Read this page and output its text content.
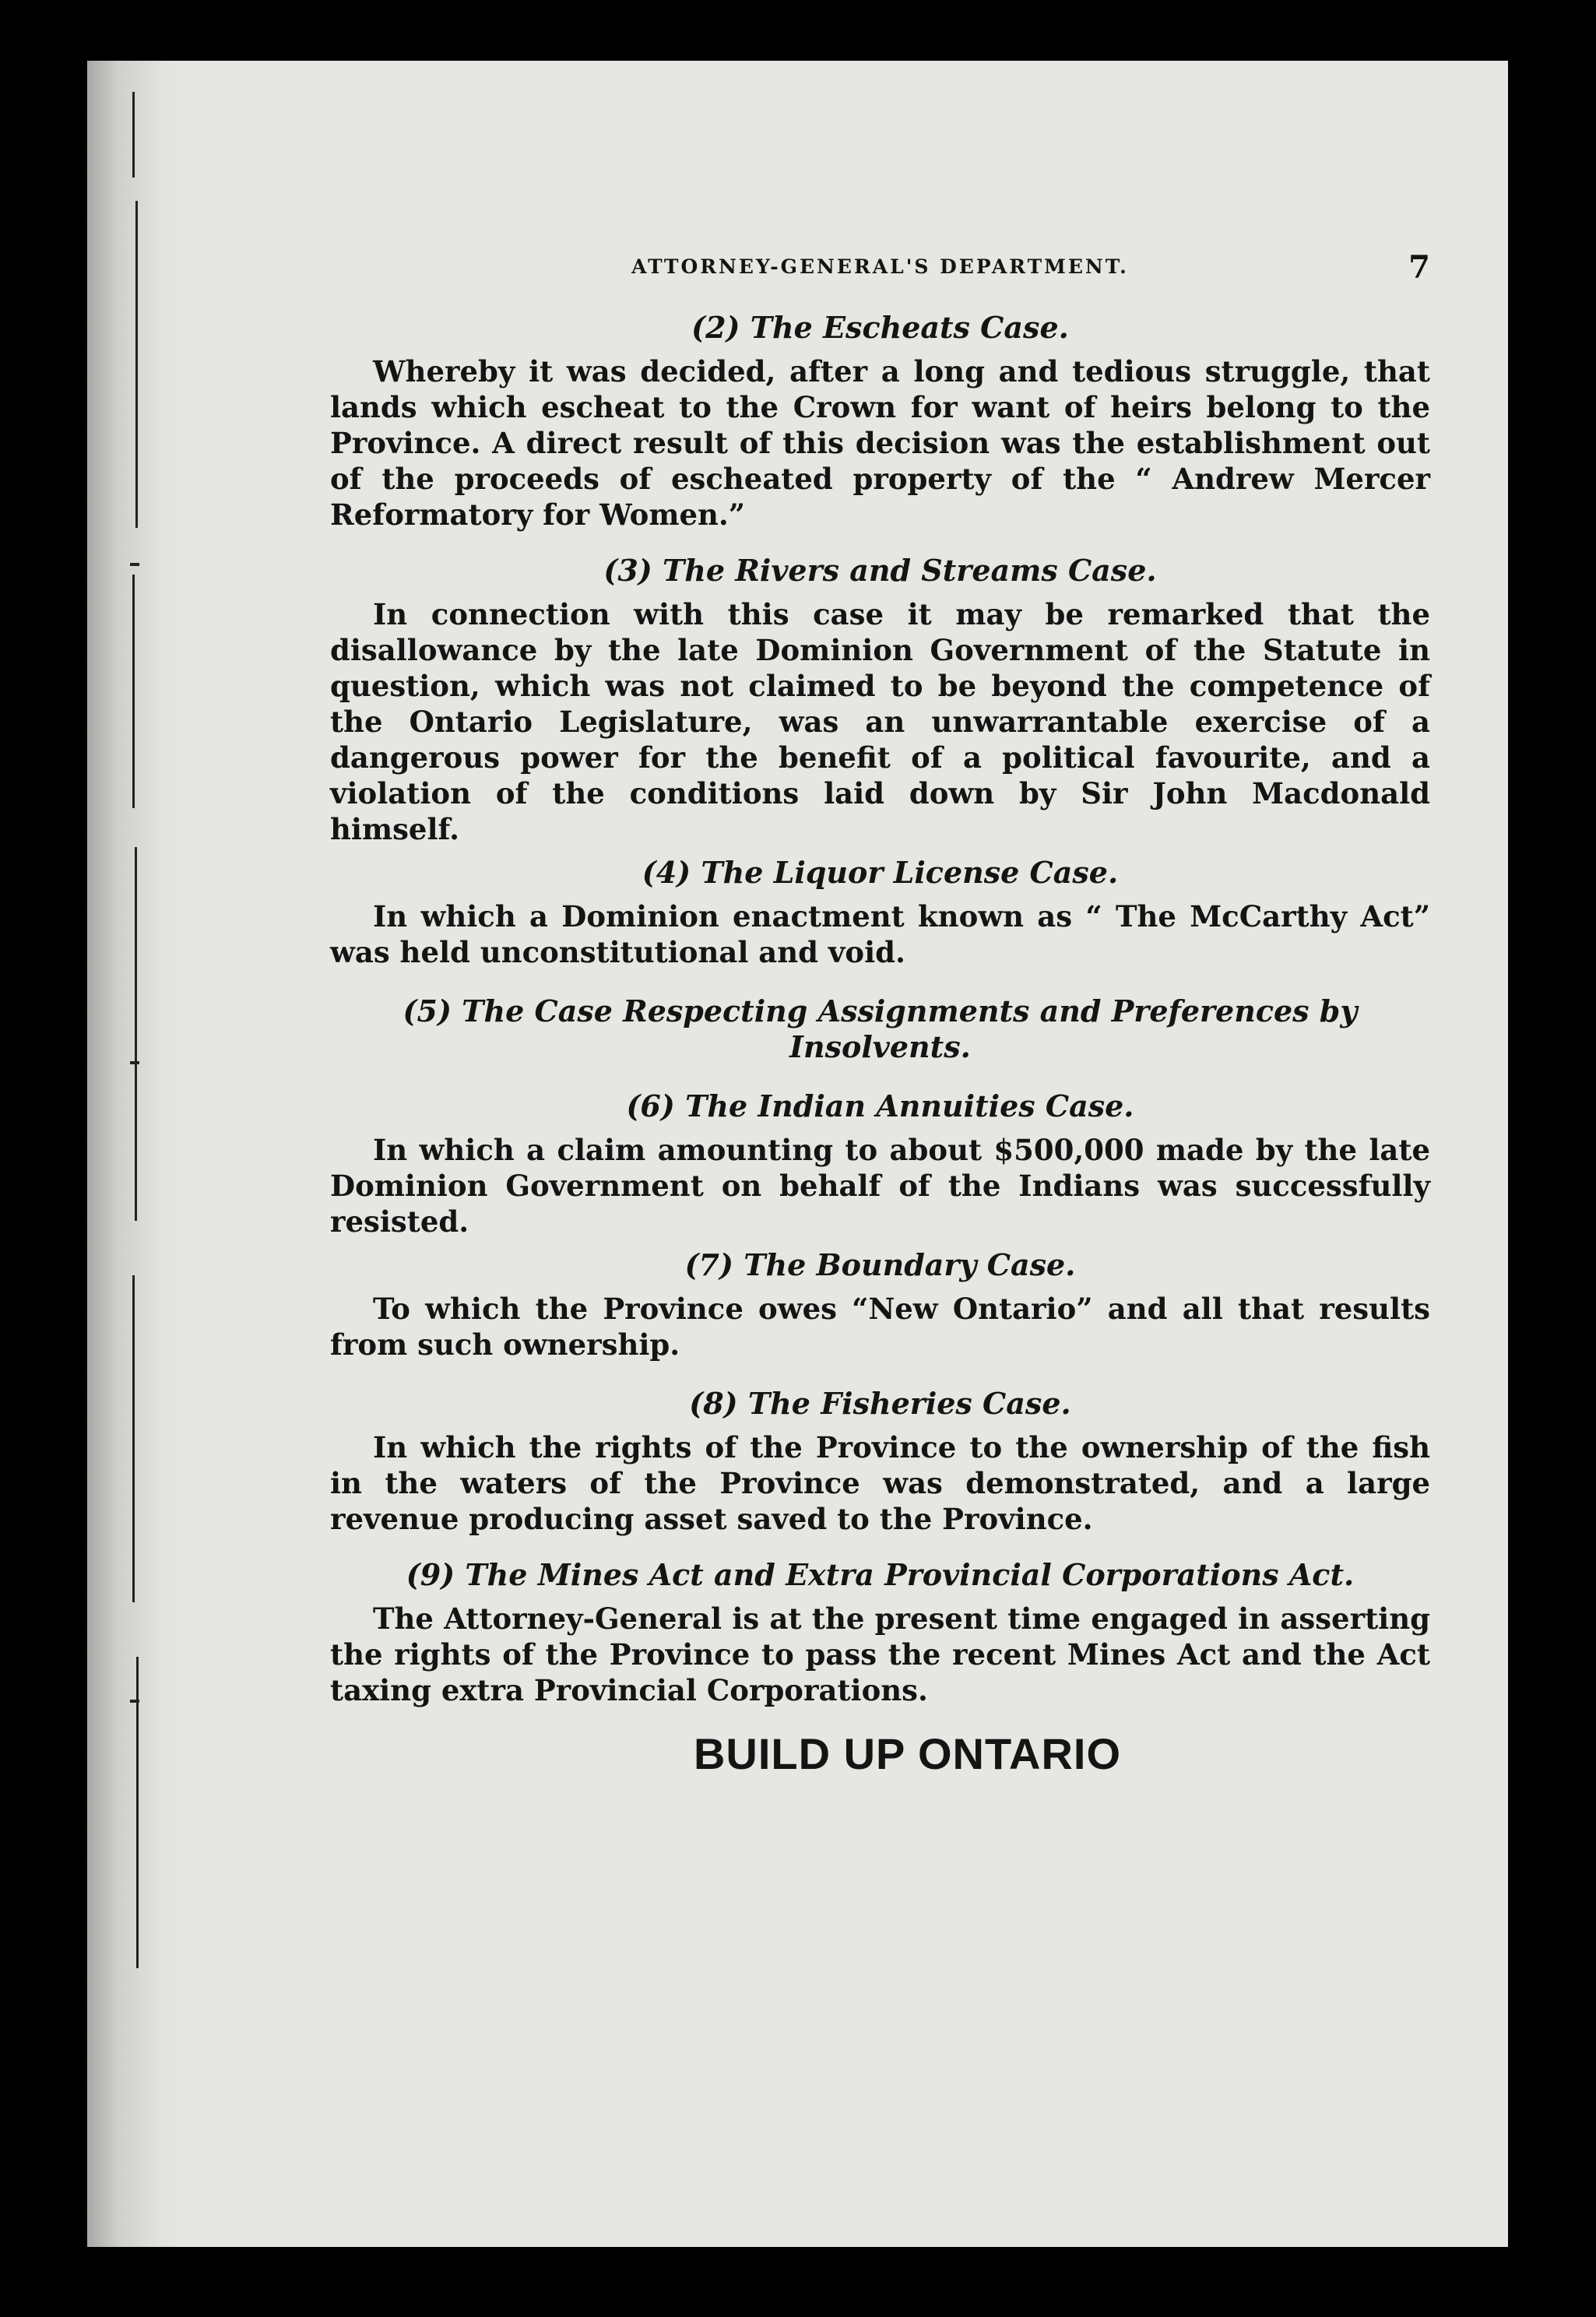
ATTORNEY-GENERAL'S DEPARTMENT.	7
(2) The Escheats Case.

Whereby it was decided, after a long and tedious struggle, that lands which escheat to the Crown for want of heirs belong to the Province. A direct result of this decision was the establishment out of the proceeds of escheated property of the “ Andrew Mercer Reformatory for Women.”

(3) The Rivers and Streams Case.

In connection with this case it may be remarked that the disallowance by the late Dominion Government of the Statute in question, which was not claimed to be beyond the competence of the Ontario Legislature, was an unwarrantable exercise of a dangerous power for the benefit of a political favourite, and a violation of the conditions laid down by Sir John Macdonald himself.

(4) The Liquor License Case.

In which a Dominion enactment known as “ The McCarthy Act” was held unconstitutional and void.

(5) The Case Respecting Assignments and Preferences by Insolvents.
(6) The Indian Annuities Case.

In which a claim amounting to about $500,000 made by the late Dominion Government on behalf of the Indians was successfully resisted.

(7) The Boundary Case.

To which the Province owes “New Ontario” and all that results from such ownership.

(8) The Fisheries Case.

In which the rights of the Province to the ownership of the fish in the waters of the Province was demonstrated, and a large revenue producing asset saved to the Province.

(9) The Mines Act and Extra Provincial Corporations Act.

The Attorney-General is at the present time engaged in asserting the rights of the Province to pass the recent Mines Act and the Act taxing extra Provincial Corporations.

BUILD UP ONTARIO
